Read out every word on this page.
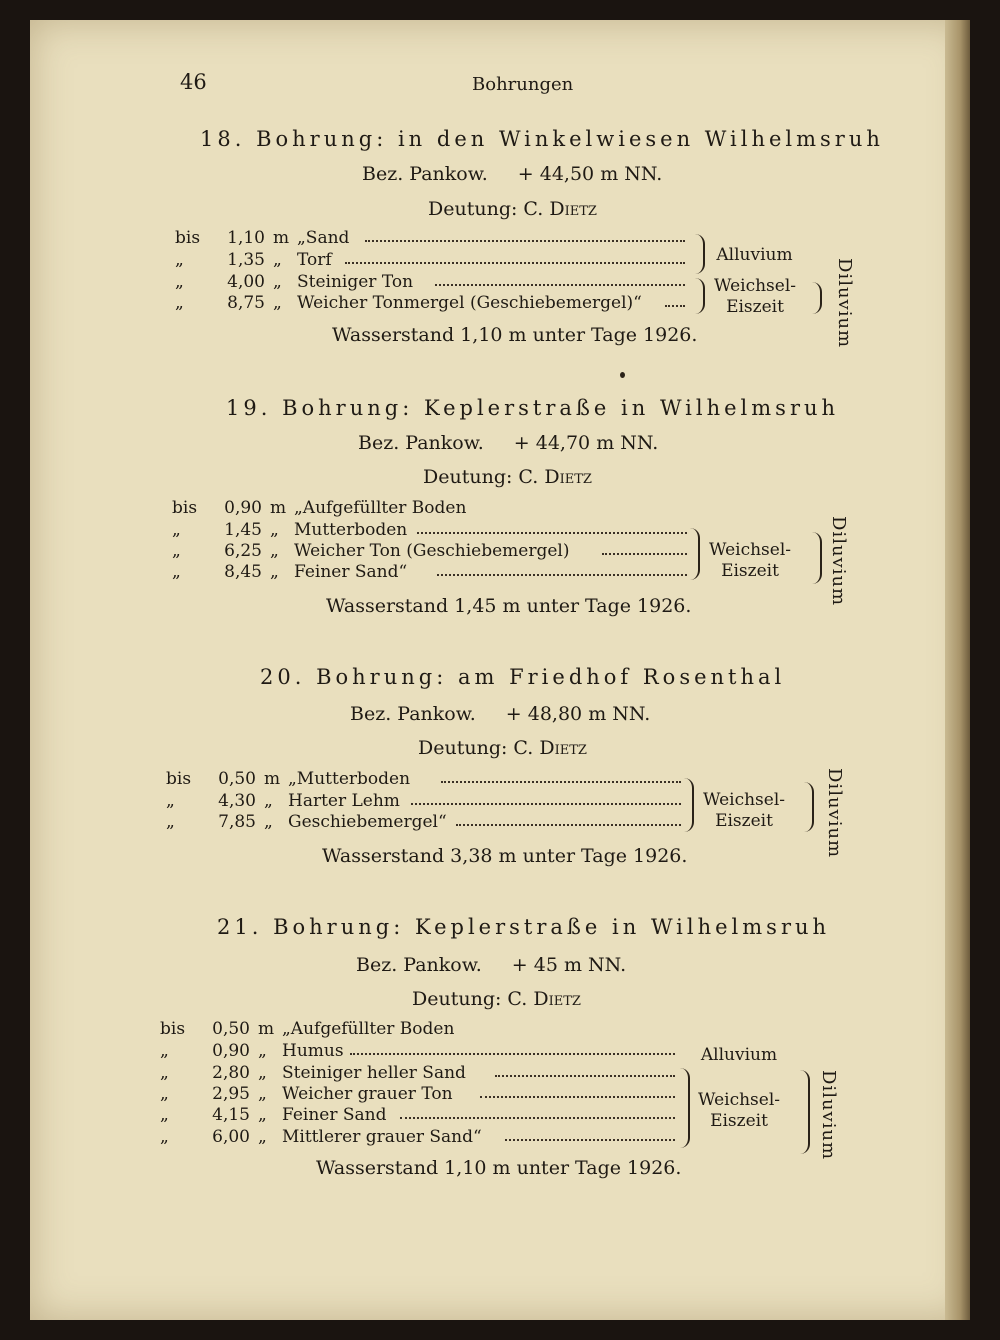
46	Bohrungen
18. Bohrung: in den Winkelwiesen Wilhelmsruh
Bez. Pankow. + 44,50 m NN.
Deutung: C. Dietz
bis	1,10 m „Sand
„	1,35 „ Torf
„	4,00 „ Steiniger Ton
„	8,75 „ Weicher Tonmergel (Geschiebemergel)“
Alluvium
Weichsel-
Eiszeit	Diluvium
Wasserstand 1,10 m unter Tage 1926.
19. Bohrung: Keplerstraße in Wilhelmsruh
Bez. Pankow. + 44,70 m NN.
Deutung: C. Dietz
bis	0,90 m „Aufgefüllter Boden
„	1,45 „ Mutterboden
„	6,25 „ Weicher Ton (Geschiebemergel)
„	8,45 „ Feiner Sand“
Weichsel-
Eiszeit	Diluvium
Wasserstand 1,45 m unter Tage 1926.
20. Bohrung: am Friedhof Rosenthal
Bez. Pankow. + 48,80 m NN.
Deutung: C. Dietz
bis	0,50 m „Mutterboden
„	4,30 „ Harter Lehm
„	7,85 „ Geschiebemergel“
Weichsel-
Eiszeit	Diluvium
Wasserstand 3,38 m unter Tage 1926.
21. Bohrung: Keplerstraße in Wilhelmsruh
Bez. Pankow. + 45 m NN.
Deutung: C. Dietz
bis	0,50 m „Aufgefüllter Boden
„	0,90 „ Humus
„	2,80 „ Steiniger heller Sand
„	2,95 „ Weicher grauer Ton
„	4,15 „ Feiner Sand
„	6,00 „ Mittlerer grauer Sand“
Alluvium
Weichsel-
Eiszeit	Diluvium
Wasserstand 1,10 m unter Tage 1926.
